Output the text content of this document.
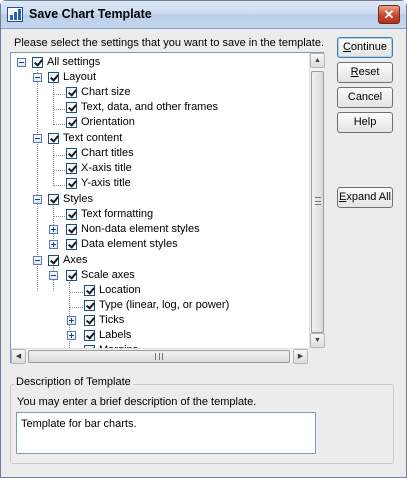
Save Chart Template	✕
Please select the settings that you want to save in the template.
All settings
Layout
Chart size
Text, data, and other frames
Orientation
Text content
Chart titles
X-axis title
Y-axis title
Styles
Text formatting
Non-data element styles
Data element styles
Axes
Scale axes
Location
Type (linear, log, or power)
Ticks
Labels
▲
▼
◀	▶
Continue
Reset
Cancel
Help
Expand All
Description of Template
You may enter a brief description of the template.
Template for bar charts.
